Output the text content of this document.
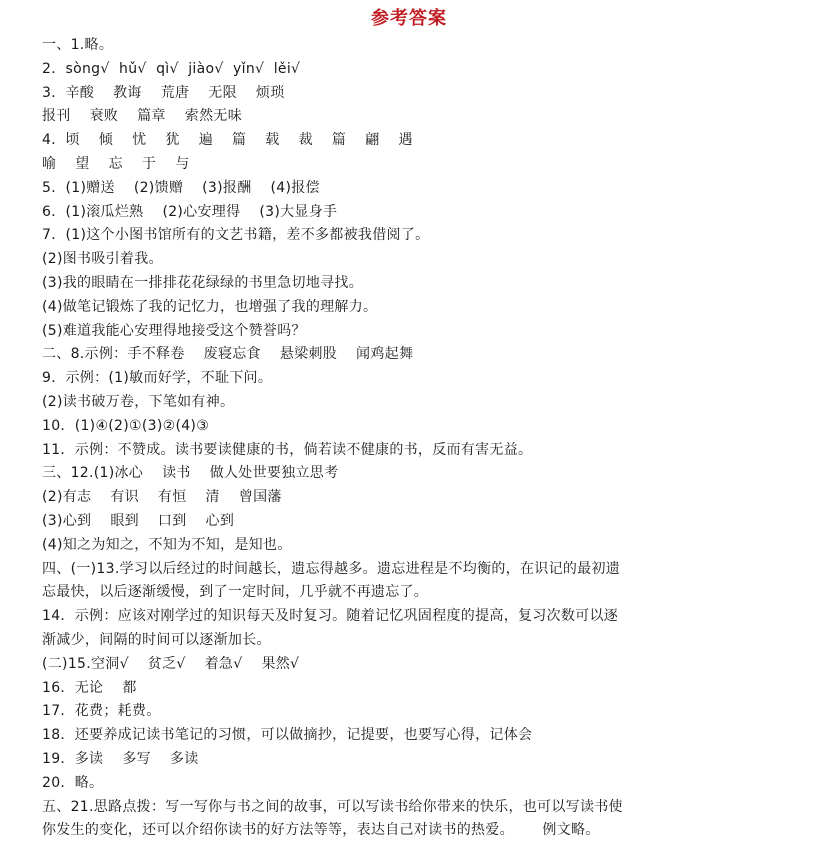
参考答案
一、1.略。
2．sòng√  hǔ√  qì√  jiào√  yǐn√  lěi√
3．辛酸    教诲    荒唐    无限    烦琐
报刊    衰败    篇章    索然无味
4．顷    倾    忧    犹    遍    篇    载    裁    篇    翩    遇
喻    望    忘    于    与
5．(1)赠送    (2)馈赠    (3)报酬    (4)报偿
6．(1)滚瓜烂熟    (2)心安理得    (3)大显身手
7．(1)这个小图书馆所有的文艺书籍，差不多都被我借阅了。
(2)图书吸引着我。
(3)我的眼睛在一排排花花绿绿的书里急切地寻找。
(4)做笔记锻炼了我的记忆力，也增强了我的理解力。
(5)难道我能心安理得地接受这个赞誉吗？
二、8.示例：手不释卷    废寝忘食    悬梁刺股    闻鸡起舞
9．示例：(1)敏而好学，不耻下问。
(2)读书破万卷，下笔如有神。
10．(1)④(2)①(3)②(4)③
11．示例：不赞成。读书要读健康的书，倘若读不健康的书，反而有害无益。
三、12.(1)冰心    读书    做人处世要独立思考
(2)有志    有识    有恒    清    曾国藩
(3)心到    眼到    口到    心到
(4)知之为知之，不知为不知，是知也。
四、(一)13.学习以后经过的时间越长，遗忘得越多。遗忘进程是不均衡的，在识记的最初遗
忘最快，以后逐渐缓慢，到了一定时间，几乎就不再遗忘了。
14．示例：应该对刚学过的知识每天及时复习。随着记忆巩固程度的提高，复习次数可以逐
渐减少，间隔的时间可以逐渐加长。
(二)15.空洞√    贫乏√    着急√    果然√
16．无论    都
17．花费；耗费。
18．还要养成记读书笔记的习惯，可以做摘抄，记提要，也要写心得，记体会
19．多读    多写    多读
20．略。
五、21.思路点拨：写一写你与书之间的故事，可以写读书给你带来的快乐，也可以写读书使
你发生的变化，还可以介绍你读书的好方法等等，表达自己对读书的热爱。      例文略。
